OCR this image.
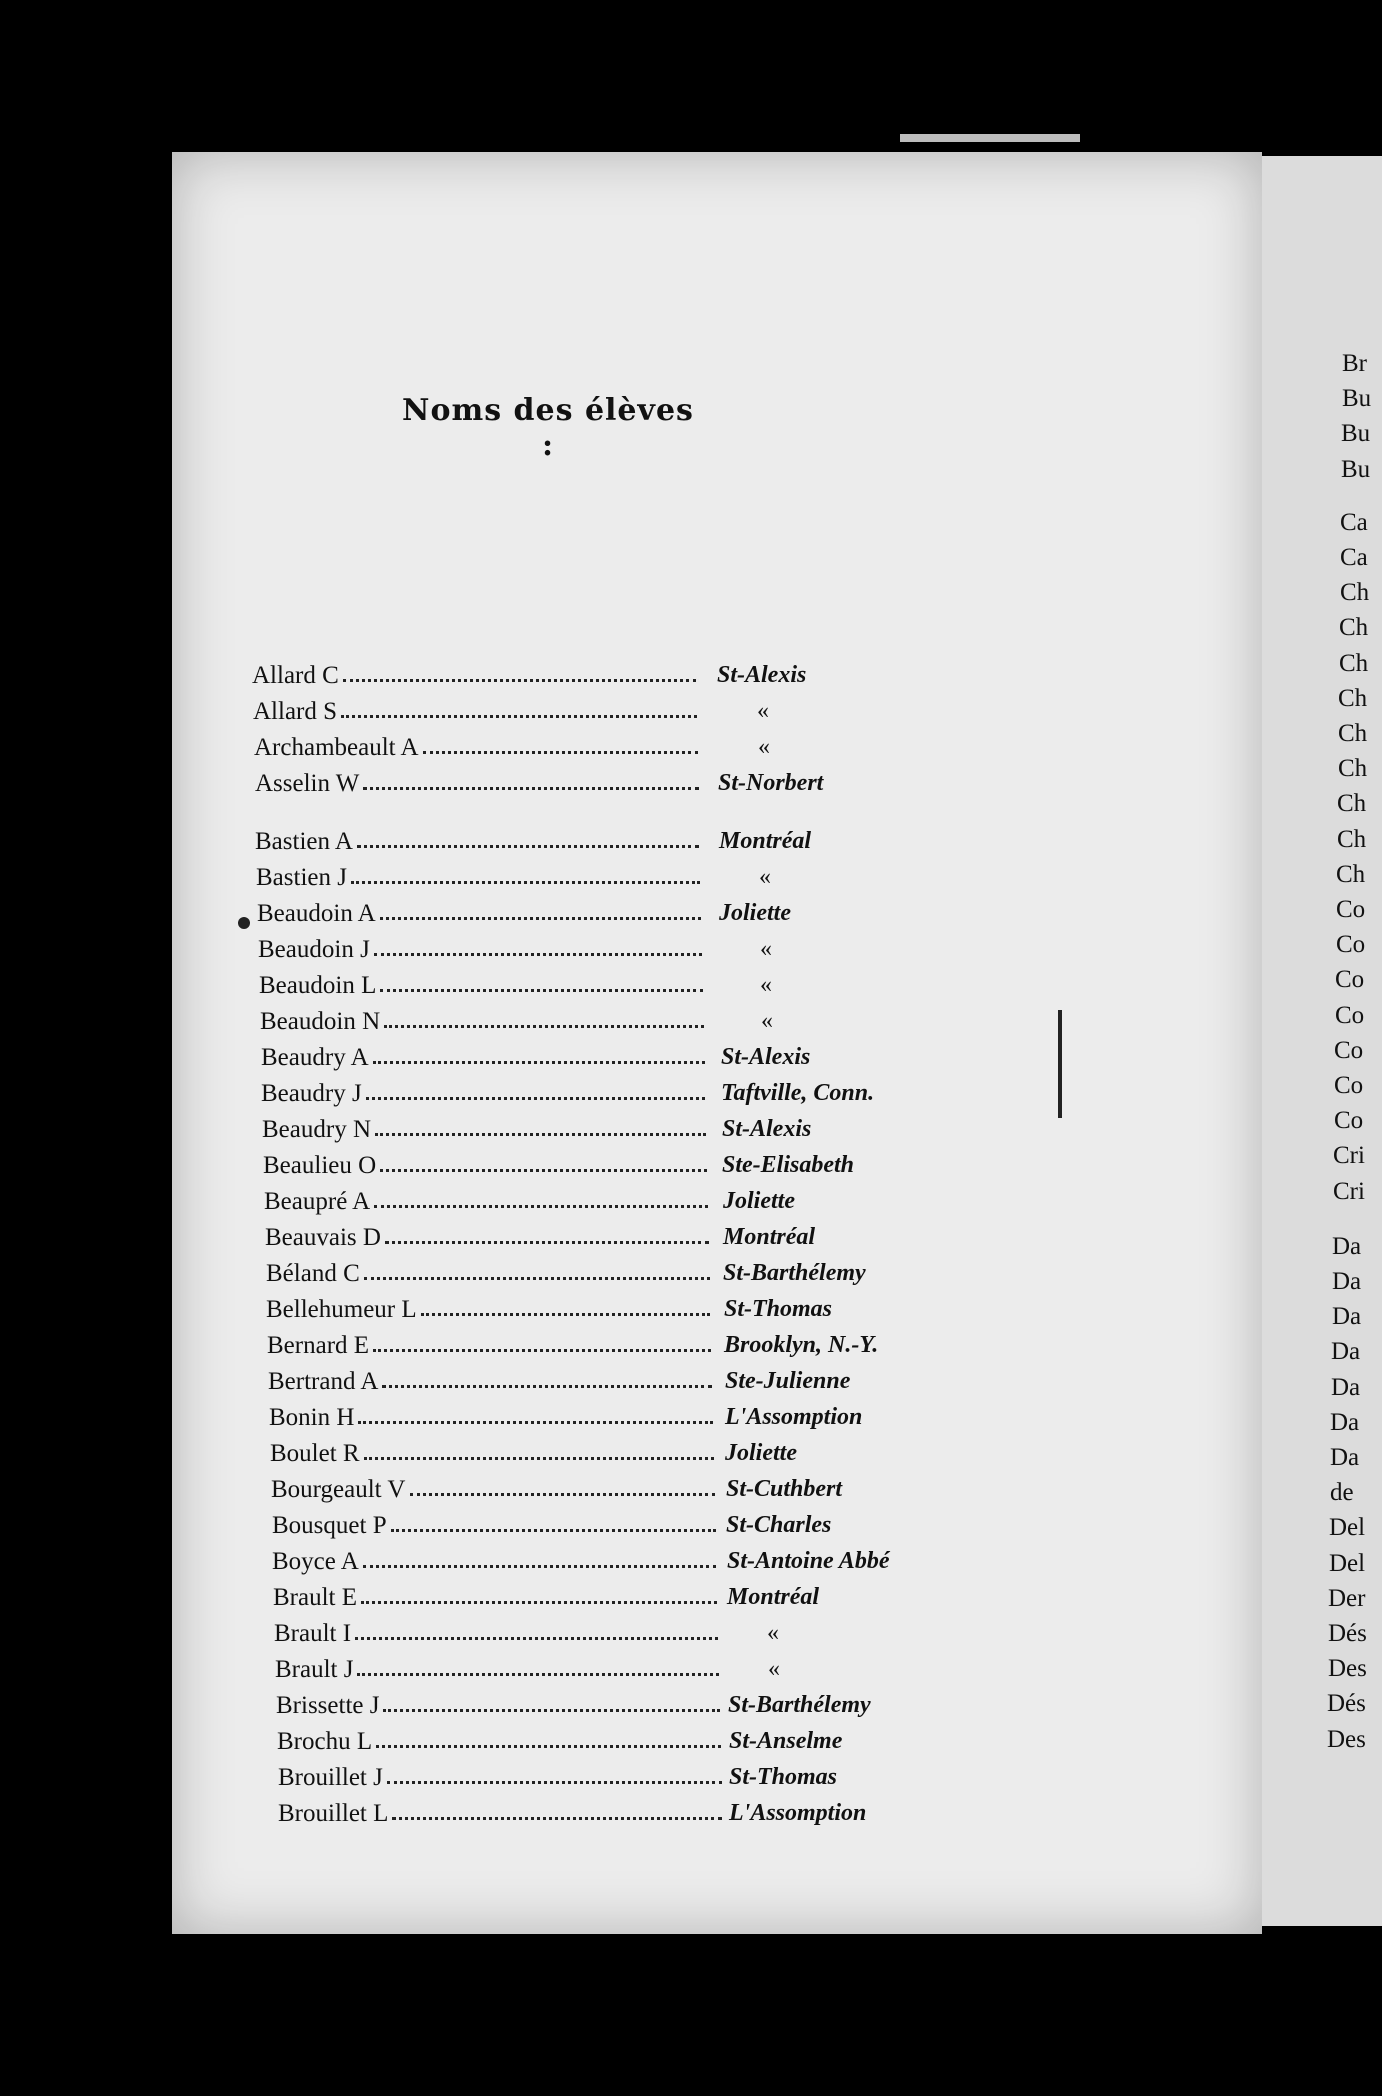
Noms des élèves :
Allard C	St-Alexis
Allard S	«
Archambeault A	«
Asselin W	St-Norbert
Bastien A	Montréal
Bastien J	«
Beaudoin A	Joliette
Beaudoin J	«
Beaudoin L	«
Beaudoin N	«
Beaudry A	St-Alexis
Beaudry J	Taftville, Conn.
Beaudry N	St-Alexis
Beaulieu O	Ste-Elisabeth
Beaupré A	Joliette
Beauvais D	Montréal
Béland C	St-Barthélemy
Bellehumeur L	St-Thomas
Bernard E	Brooklyn, N.-Y.
Bertrand A	Ste-Julienne
Bonin H	L'Assomption
Boulet R	Joliette
Bourgeault V	St-Cuthbert
Bousquet P	St-Charles
Boyce A	St-Antoine Abbé
Brault E	Montréal
Brault I	«
Brault J	«
Brissette J	St-Barthélemy
Brochu L	St-Anselme
Brouillet J	St-Thomas
Brouillet L	L'Assomption
Br
Bu
Bu
Bu
Ca
Ca
Ch
Ch
Ch
Ch
Ch
Ch
Ch
Ch
Ch
Co
Co
Co
Co
Co
Co
Co
Cri
Cri
Da
Da
Da
Da
Da
Da
Da
de
Del
Del
Der
Dés
Des
Dés
Des
